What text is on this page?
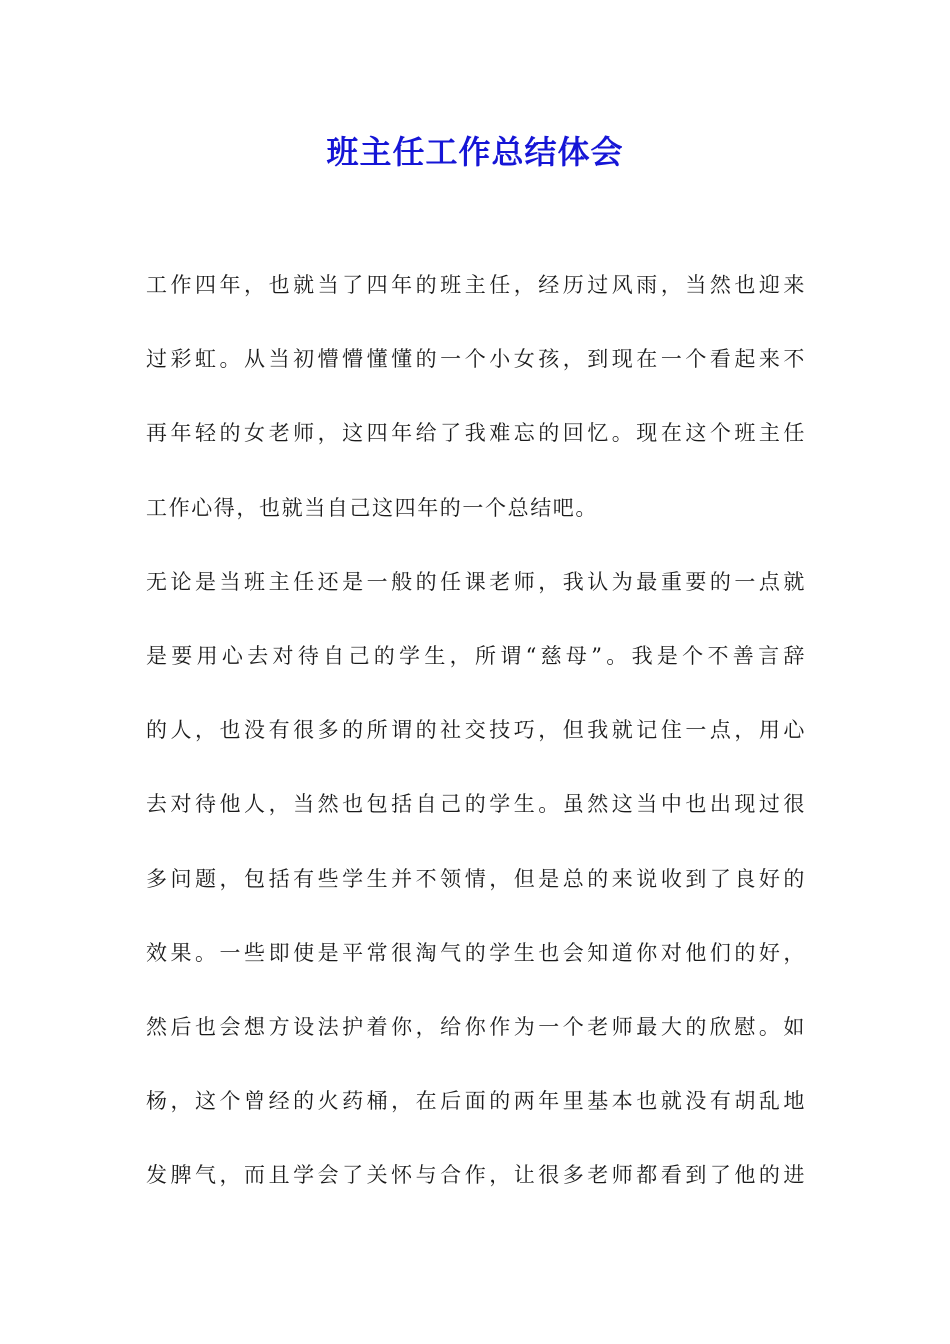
班主任工作总结体会
工作四年，也就当了四年的班主任，经历过风雨，当然也迎来
过彩虹。从当初懵懵懂懂的一个小女孩，到现在一个看起来不
再年轻的女老师，这四年给了我难忘的回忆。现在这个班主任
工作心得，也就当自己这四年的一个总结吧。
无论是当班主任还是一般的任课老师，我认为最重要的一点就
是要用心去对待自己的学生，所谓“慈母”。我是个不善言辞
的人，也没有很多的所谓的社交技巧，但我就记住一点，用心
去对待他人，当然也包括自己的学生。虽然这当中也出现过很
多问题，包括有些学生并不领情，但是总的来说收到了良好的
效果。一些即使是平常很淘气的学生也会知道你对他们的好，
然后也会想方设法护着你，给你作为一个老师最大的欣慰。如
杨，这个曾经的火药桶，在后面的两年里基本也就没有胡乱地
发脾气，而且学会了关怀与合作，让很多老师都看到了他的进
